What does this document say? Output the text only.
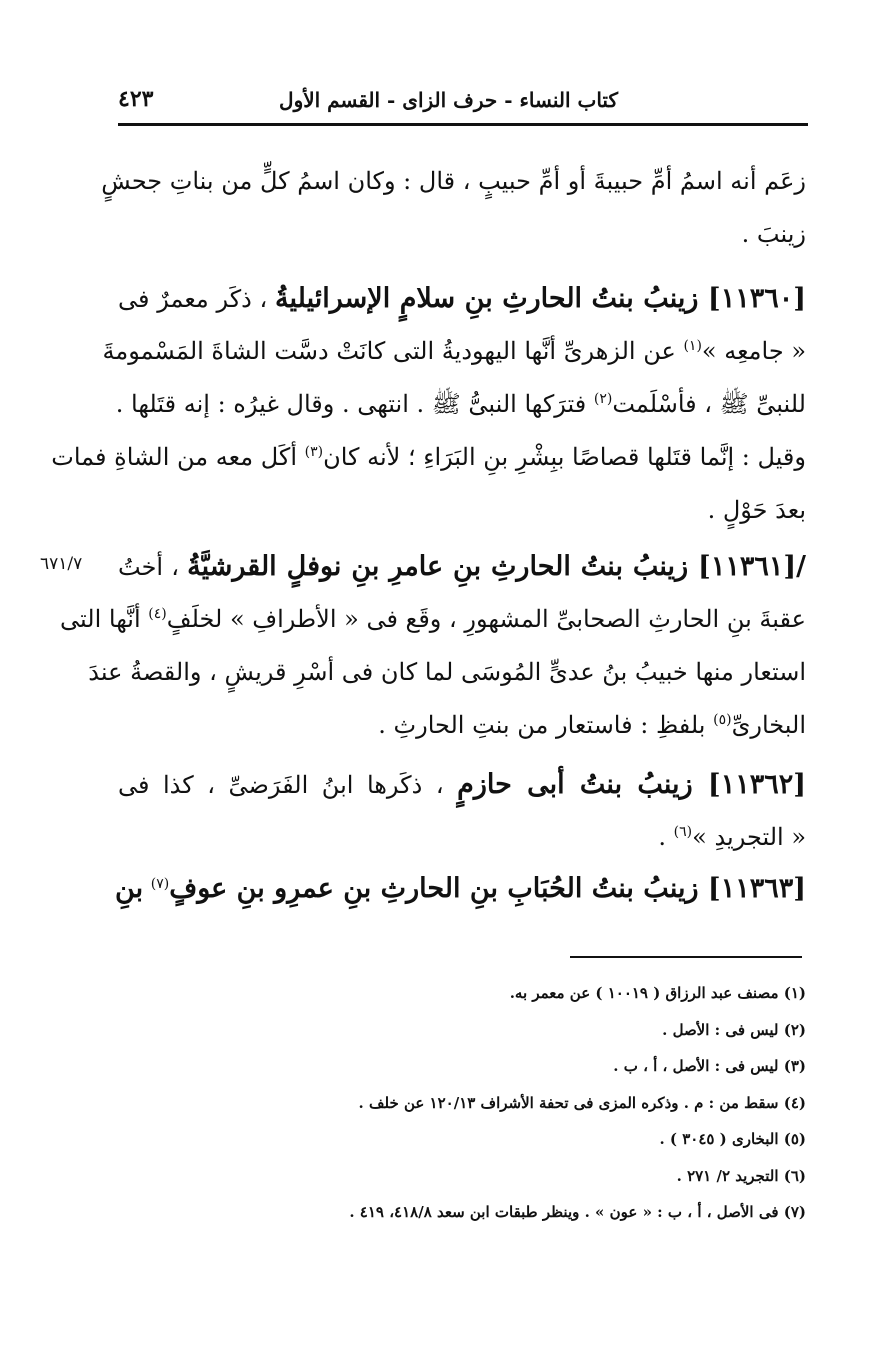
كتاب النساء - حرف الزاى - القسم الأول
٤٢٣
زعَم أنه اسمُ أمِّ حبيبةَ أو أمِّ حبيبٍ ، قال : وكان اسمُ كلٍّ من بناتِ جحشٍ
زينبَ .
[١١٣٦٠] زينبُ بنتُ الحارثِ بنِ سلامٍ الإسرائيليةُ ، ذكَر معمرٌ فى
« جامعِه »$^{(١)}$ عن الزهرىِّ أنَّها اليهوديةُ التى كانَتْ دسَّت الشاةَ المَسْمومةَ
للنبىِّ ﷺ ، فأسْلَمت$^{(٢)}$ فترَكها النبىُّ ﷺ . انتهى . وقال غيرُه : إنه قتَلها .
وقيل : إنَّما قتَلها قصاصًا ببِشْرِ بنِ البَرَاءِ ؛ لأنه كان$^{(٣)}$ أكَل معه من الشاةِ فمات
بعدَ حَوْلٍ .
/[١١٣٦١] زينبُ بنتُ الحارثِ بنِ عامرِ بنِ نوفلٍ القرشيَّةُ ، أختُ
عقبةَ بنِ الحارثِ الصحابىِّ المشهورِ ، وقَع فى « الأطرافِ » لخلَفٍ$^{(٤)}$ أنَّها التى
استعار منها خبيبُ بنُ عدىٍّ المُوسَى لما كان فى أسْرِ قريشٍ ، والقصةُ عندَ
البخارىِّ$^{(٥)}$ بلفظِ : فاستعار من بنتِ الحارثِ .
٦٧١/٧
[١١٣٦٢] زينبُ بنتُ أبى حازمٍ ، ذكَرها ابنُ الفَرَضىِّ ، كذا فى
« التجريدِ »$^{(٦)}$ .
[١١٣٦٣] زينبُ بنتُ الحُبَابِ بنِ الحارثِ بنِ عمرِو بنِ عوفٍ$^{(٧)}$ بنِ
(١) مصنف عبد الرزاق ( ١٠٠١٩ ) عن معمر به.
(٢) ليس فى : الأصل .
(٣) ليس فى : الأصل ، أ ، ب .
(٤) سقط من : م . وذكره المزى فى تحفة الأشراف ١٢٠/١٣ عن خلف .
(٥) البخارى ( ٣٠٤٥ ) .
(٦) التجريد ٢/ ٢٧١ .
(٧) فى الأصل ، أ ، ب : « عون » . وينظر طبقات ابن سعد ٤١٨/٨، ٤١٩ .
